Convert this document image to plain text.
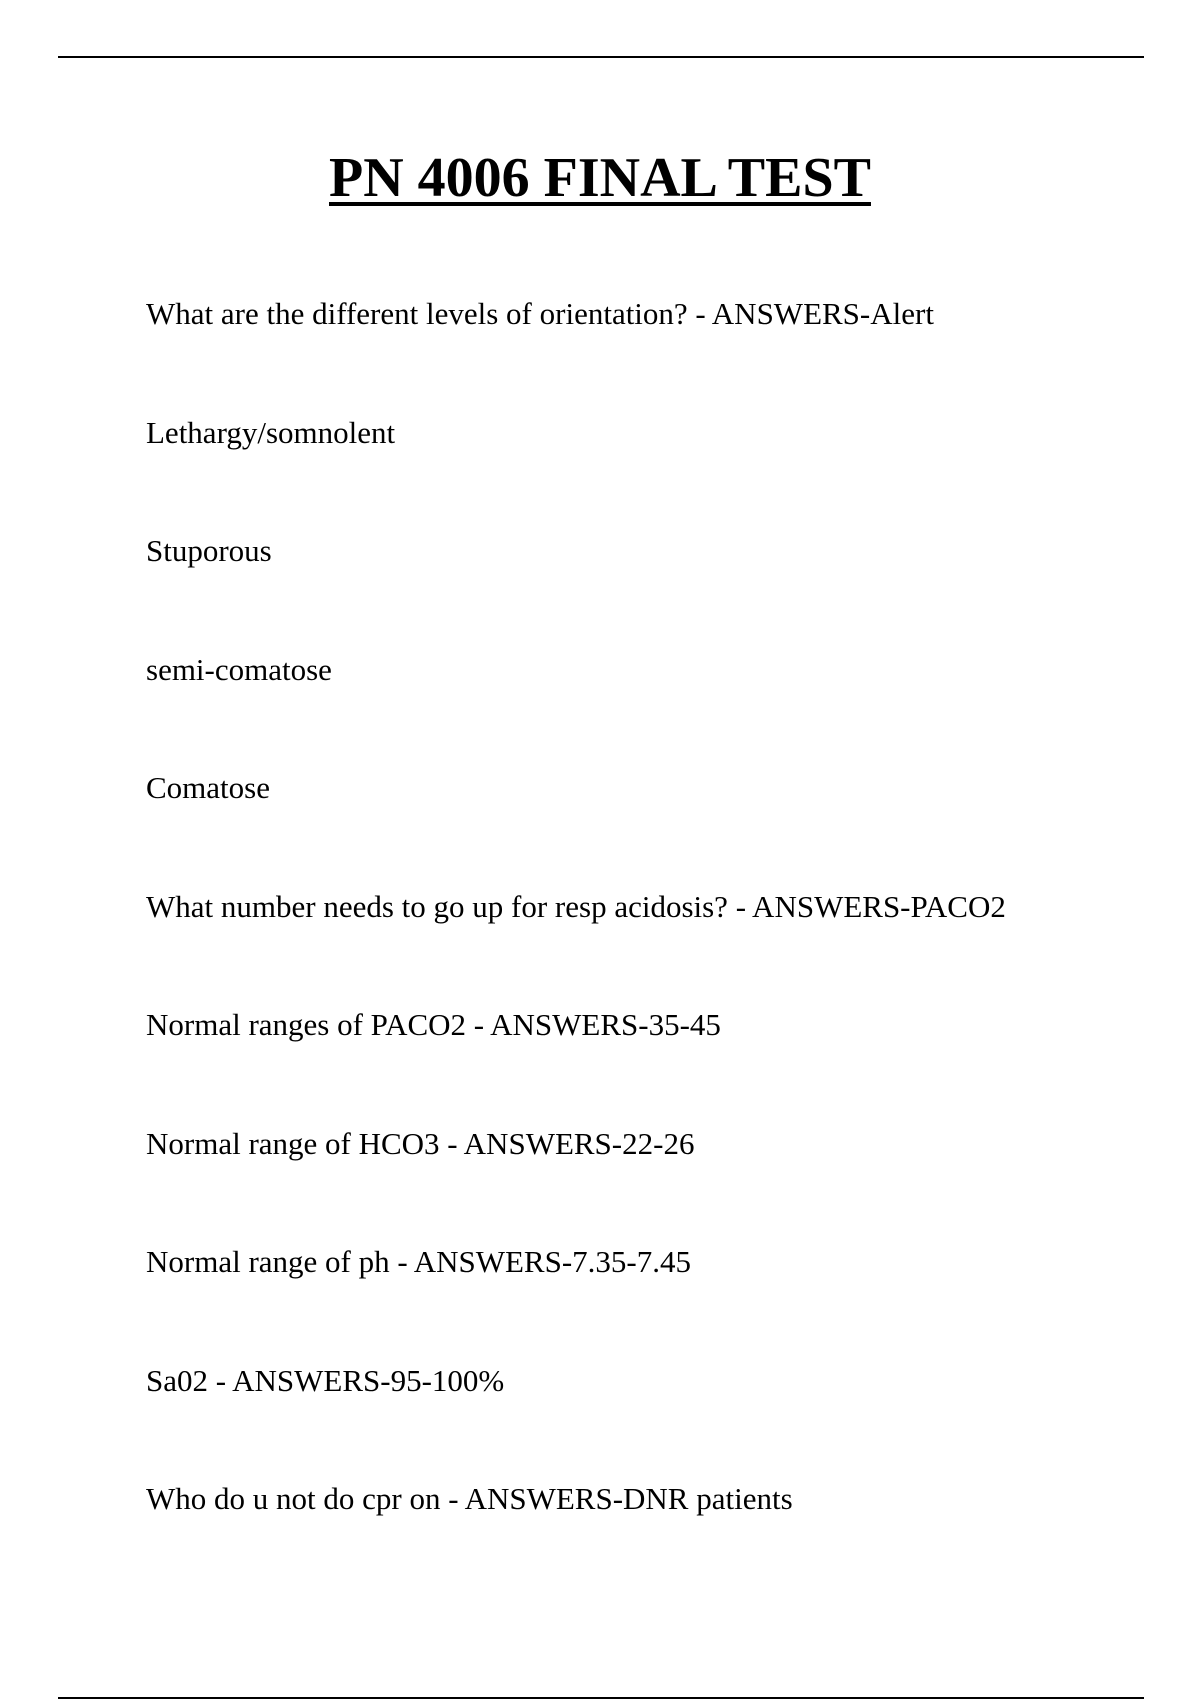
PN 4006 FINAL TEST
What are the different levels of orientation? - ANSWERS-Alert
Lethargy/somnolent
Stuporous
semi-comatose
Comatose
What number needs to go up for resp acidosis? - ANSWERS-PACO2
Normal ranges of PACO2 - ANSWERS-35-45
Normal range of HCO3 - ANSWERS-22-26
Normal range of ph - ANSWERS-7.35-7.45
Sa02 - ANSWERS-95-100%
Who do u not do cpr on - ANSWERS-DNR patients
